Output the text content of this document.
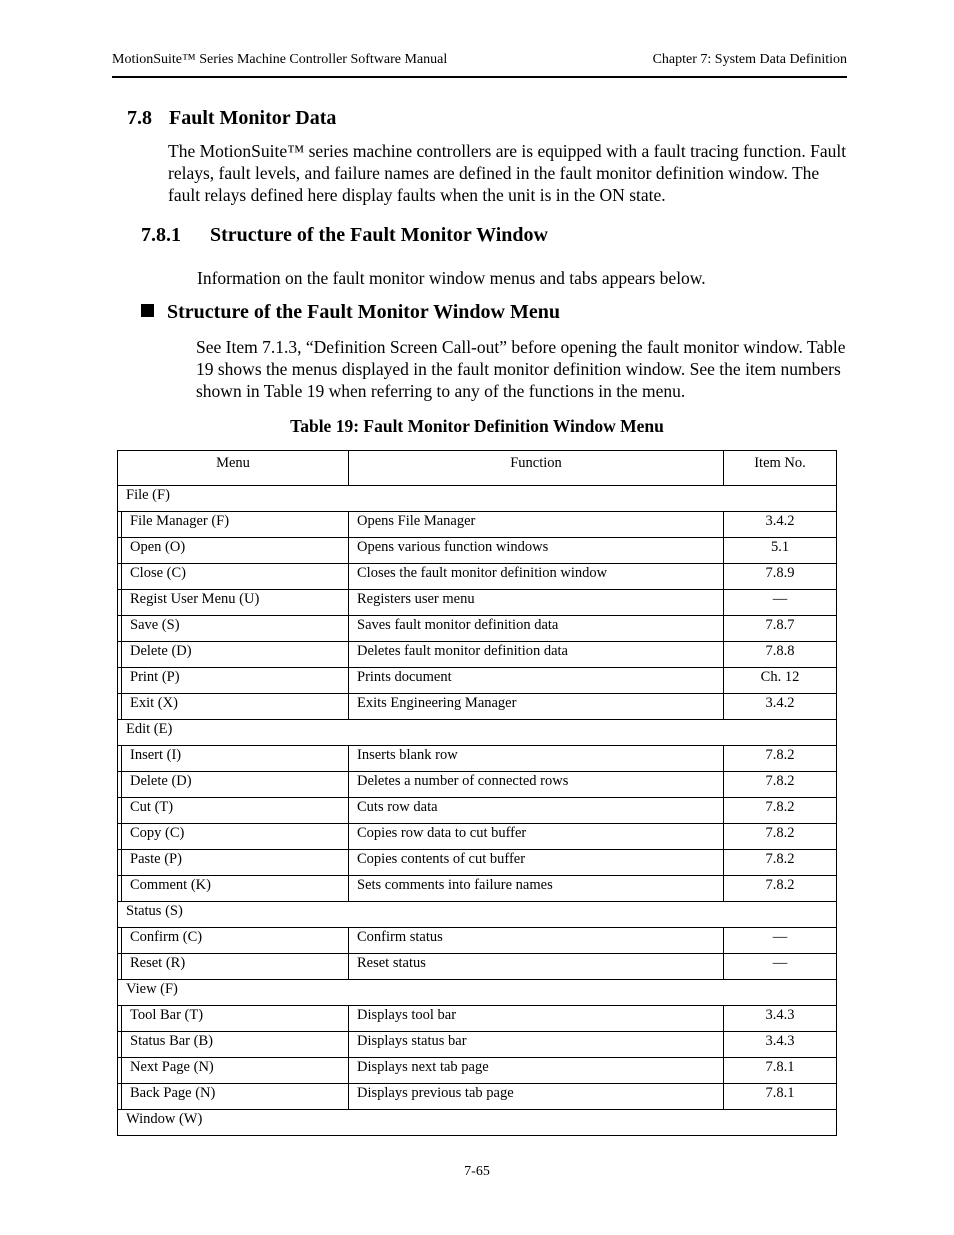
MotionSuite™ Series Machine Controller Software Manual	Chapter 7: System Data Definition
7.8 Fault Monitor Data
The MotionSuite™ series machine controllers are is equipped with a fault tracing function. Fault relays, fault levels, and failure names are defined in the fault monitor definition window. The fault relays defined here display faults when the unit is in the ON state.
7.8.1 Structure of the Fault Monitor Window
Information on the fault monitor window menus and tabs appears below.
Structure of the Fault Monitor Window Menu
See Item 7.1.3, “Definition Screen Call-out” before opening the fault monitor window. Table 19 shows the menus displayed in the fault monitor definition window. See the item numbers shown in Table 19 when referring to any of the functions in the menu.
Table 19: Fault Monitor Definition Window Menu
Menu		Function	Item No.
File (F)			
	File Manager (F)	Opens File Manager	3.4.2
	Open (O)	Opens various function windows	5.1
	Close (C)	Closes the fault monitor definition window	7.8.9
	Regist User Menu (U)	Registers user menu	—
	Save (S)	Saves fault monitor definition data	7.8.7
	Delete (D)	Deletes fault monitor definition data	7.8.8
	Print (P)	Prints document	Ch. 12
	Exit (X)	Exits Engineering Manager	3.4.2
Edit (E)			
	Insert (I)	Inserts blank row	7.8.2
	Delete (D)	Deletes a number of connected rows	7.8.2
	Cut (T)	Cuts row data	7.8.2
	Copy (C)	Copies row data to cut buffer	7.8.2
	Paste (P)	Copies contents of cut buffer	7.8.2
	Comment (K)	Sets comments into failure names	7.8.2
Status (S)			
	Confirm (C)	Confirm status	—
	Reset (R)	Reset status	—
View (F)			
	Tool Bar (T)	Displays tool bar	3.4.3
	Status Bar (B)	Displays status bar	3.4.3
	Next Page (N)	Displays next tab page	7.8.1
	Back Page (N)	Displays previous tab page	7.8.1
Window (W)			
7-65
